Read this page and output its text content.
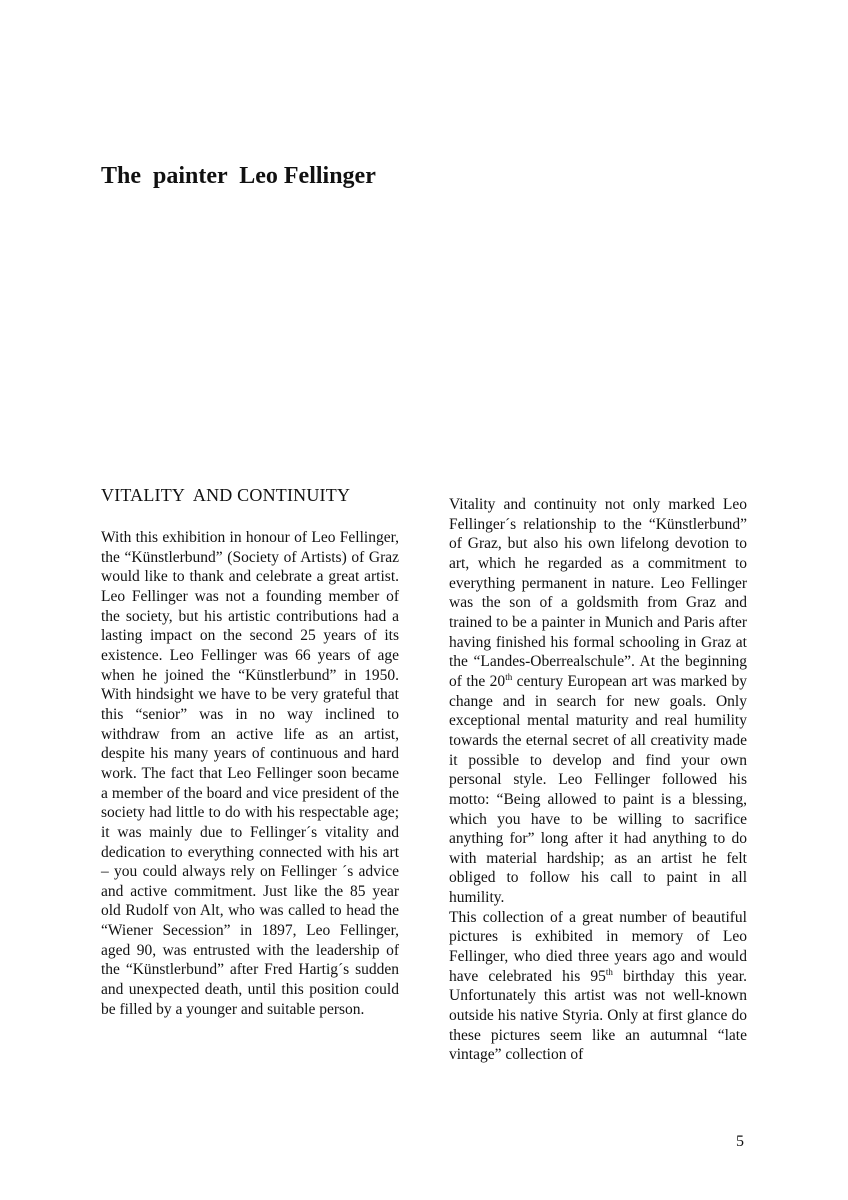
The  painter  Leo Fellinger
VITALITY  AND CONTINUITY

With this exhibition in honour of Leo Fellinger, the “Künstlerbund” (Society of Artists) of Graz would like to thank and celebrate a great artist. Leo Fellinger was not a founding member of the society, but his artistic contributions had a lasting impact on the second 25 years of its existence. Leo Fellinger was 66 years of age when he joined the “Künstlerbund” in 1950. With hindsight we have to be very grateful that this “senior” was in no way inclined to withdraw from an active life as an artist, despite his many years of continuous and hard work. The fact that Leo Fellinger soon became a member of the board and vice president of the society had little to do with his respectable age; it was mainly due to Fellinger´s vitality and dedication to everything connected with his art – you could always rely on Fellinger ´s advice and active commitment. Just like the 85 year old Rudolf von Alt, who was called to head the “Wiener Secession” in 1897, Leo Fellinger, aged 90, was entrusted with the leadership of the “Künstlerbund” after Fred Hartig´s sudden and unexpected death, until this position could be filled by a younger and suitable person.

Vitality and continuity not only marked Leo Fellinger´s relationship to the “Künstlerbund” of Graz, but also his own lifelong devotion to art, which he regarded as a commitment to everything permanent in nature. Leo Fellinger was the son of a goldsmith from Graz and trained to be a painter in Munich and Paris after having finished his formal schooling in Graz at the “Landes-Oberrealschule”. At the beginning of the 20th century European art was marked by change and in search for new goals. Only exceptional mental maturity and real humility towards the eternal secret of all creativity made it possible to develop and find your own personal style. Leo Fellinger followed his motto: “Being allowed to paint is a blessing, which you have to be willing to sacrifice anything for” long after it had anything to do with material hardship; as an artist he felt obliged to follow his call to paint in all humility.

This collection of a great number of beautiful pictures is exhibited in memory of Leo Fellinger, who died three years ago and would have celebrated his 95th birthday this year. Unfortunately this artist was not well-known outside his native Styria. Only at first glance do these pictures seem like an autumnal “late vintage” collection of

5
